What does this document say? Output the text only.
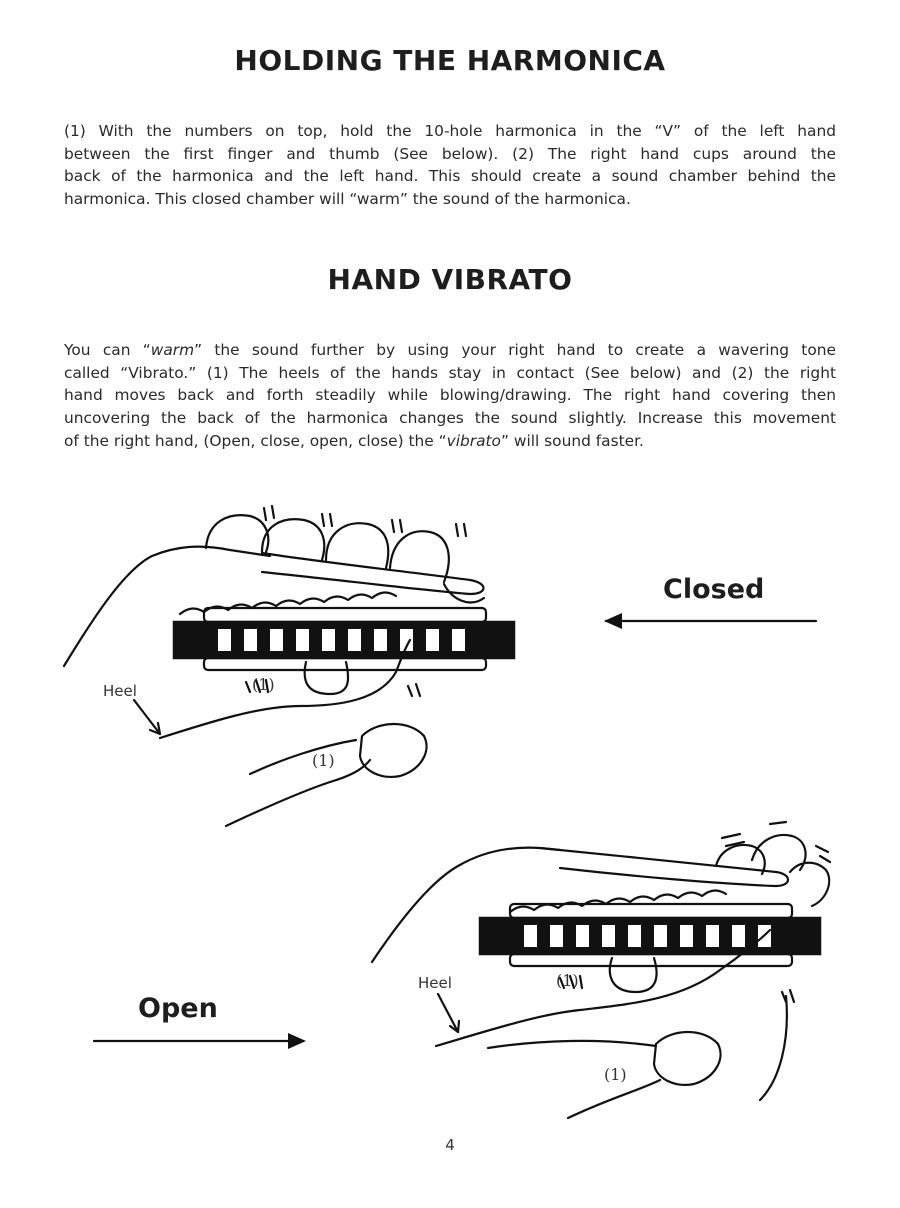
HOLDING THE HARMONICA

(1) With the numbers on top, hold the 10-hole harmonica in the “V” of the left hand
between the first finger and thumb (See below). (2) The right hand cups around the
back of the harmonica and the left hand. This should create a sound chamber behind the
harmonica. This closed chamber will “warm” the sound of the harmonica.

HAND VIBRATO

You can “warm” the sound further by using your right hand to create a wavering tone
called “Vibrato.” (1) The heels of the hands stay in contact (See below) and (2) the right
hand moves back and forth steadily while blowing/drawing. The right hand covering then
uncovering the back of the harmonica changes the sound slightly. Increase this movement
of the right hand, (Open, close, open, close) the “vibrato” will sound faster.

Closed
Heel	(1)
(1)
Open
Heel	(1)
(1)
4
